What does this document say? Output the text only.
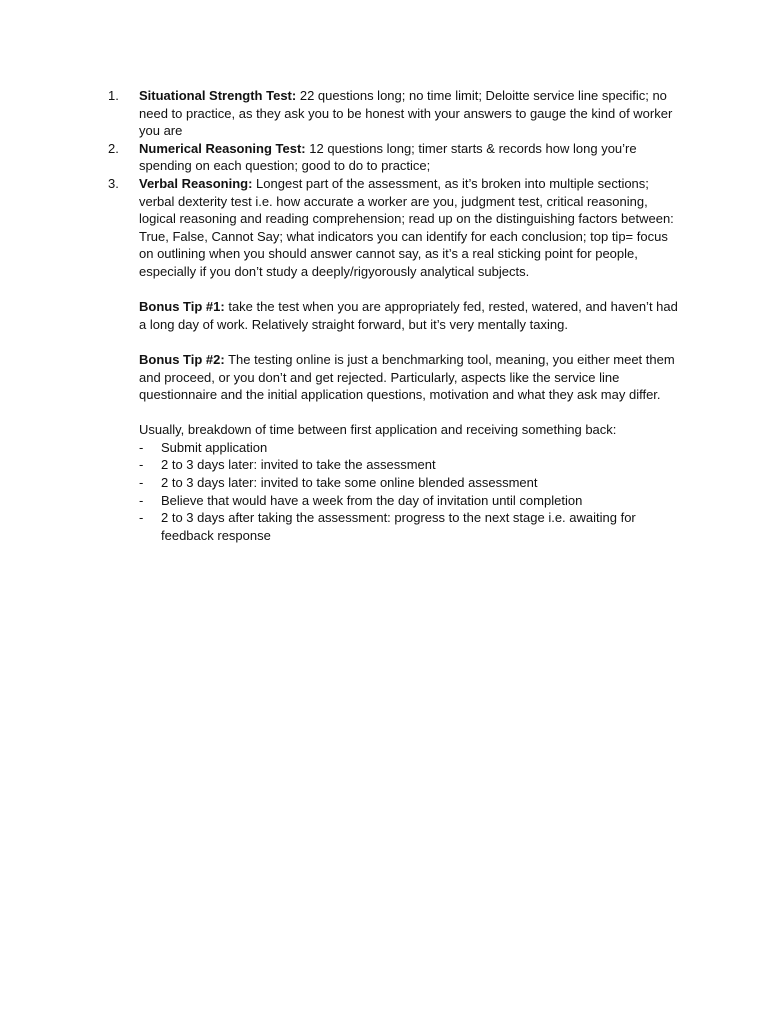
1.	Situational Strength Test: 22 questions long; no time limit; Deloitte service line specific; no need to practice, as they ask you to be honest with your answers to gauge the kind of worker you are
2.	Numerical Reasoning Test: 12 questions long; timer starts & records how long you’re spending on each question; good to do to practice;
3.	Verbal Reasoning: Longest part of the assessment, as it’s broken into multiple sections; verbal dexterity test i.e. how accurate a worker are you, judgment test, critical reasoning, logical reasoning and reading comprehension; read up on the distinguishing factors between: True, False, Cannot Say; what indicators you can identify for each conclusion; top tip= focus on outlining when you should answer cannot say, as it’s a real sticking point for people, especially if you don’t study a deeply/rigyorously analytical subjects.

Bonus Tip #1: take the test when you are appropriately fed, rested, watered, and haven’t had a long day of work. Relatively straight forward, but it’s very mentally taxing.

Bonus Tip #2: The testing online is just a benchmarking tool, meaning, you either meet them and proceed, or you don’t and get rejected. Particularly, aspects like the service line questionnaire and the initial application questions, motivation and what they ask may differ.

Usually, breakdown of time between first application and receiving something back:

- Submit application
- 2 to 3 days later: invited to take the assessment
- 2 to 3 days later: invited to take some online blended assessment
- Believe that would have a week from the day of invitation until completion
- 2 to 3 days after taking the assessment: progress to the next stage i.e. awaiting for feedback response
